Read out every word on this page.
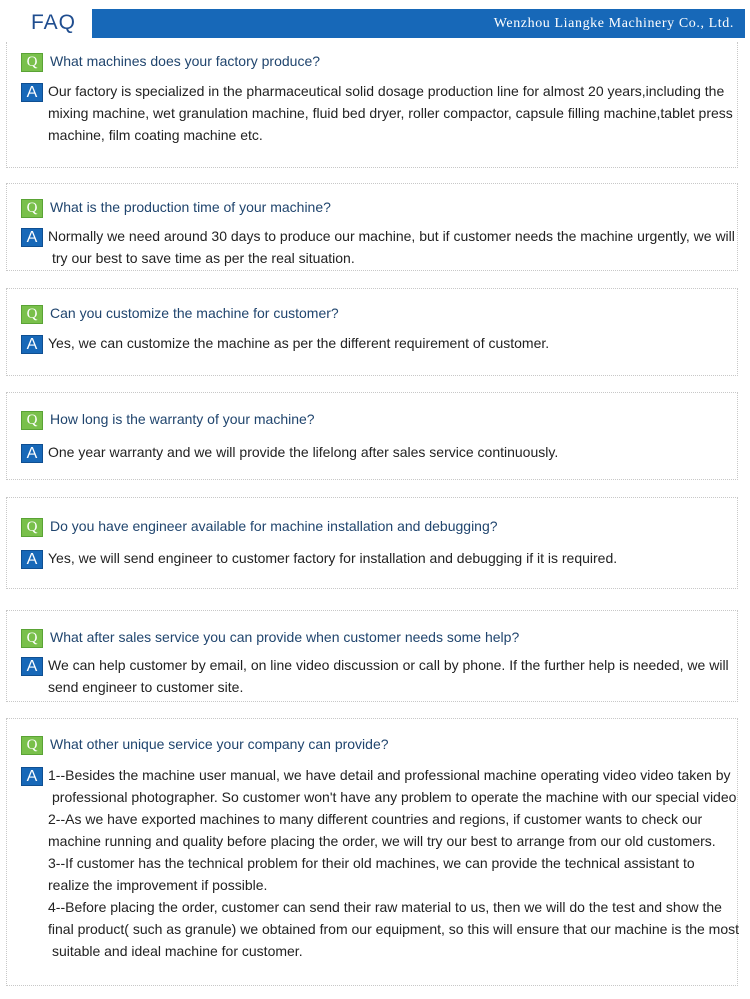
FAQ	Wenzhou Liangke Machinery Co., Ltd.
Q What machines does your factory produce?
A Our factory is specialized in the pharmaceutical solid dosage production line for almost 20 years,including the
mixing machine, wet granulation machine, fluid bed dryer, roller compactor, capsule filling machine,tablet press
machine, film coating machine etc.
Q What is the production time of your machine?
A Normally we need around 30 days to produce our machine, but if customer needs the machine urgently, we will
try our best to save time as per the real situation.
Q Can you customize the machine for customer?
A Yes, we can customize the machine as per the different requirement of customer.
Q How long is the warranty of your machine?
A One year warranty and we will provide the lifelong after sales service continuously.
Q Do you have engineer available for machine installation and debugging?
A Yes, we will send engineer to customer factory for installation and debugging if it is required.
Q What after sales service you can provide when customer needs some help?
A We can help customer by email, on line video discussion or call by phone. If the further help is needed, we will
send engineer to customer site.
Q What other unique service your company can provide?
A 1--Besides the machine user manual, we have detail and professional machine operating video video taken by
professional photographer. So customer won't have any problem to operate the machine with our special video
2--As we have exported machines to many different countries and regions, if customer wants to check our
machine running and quality before placing the order, we will try our best to arrange from our old customers.
3--If customer has the technical problem for their old machines, we can provide the technical assistant to
realize the improvement if possible.
4--Before placing the order, customer can send their raw material to us, then we will do the test and show the
final product( such as granule) we obtained from our equipment, so this will ensure that our machine is the most
suitable and ideal machine for customer.
